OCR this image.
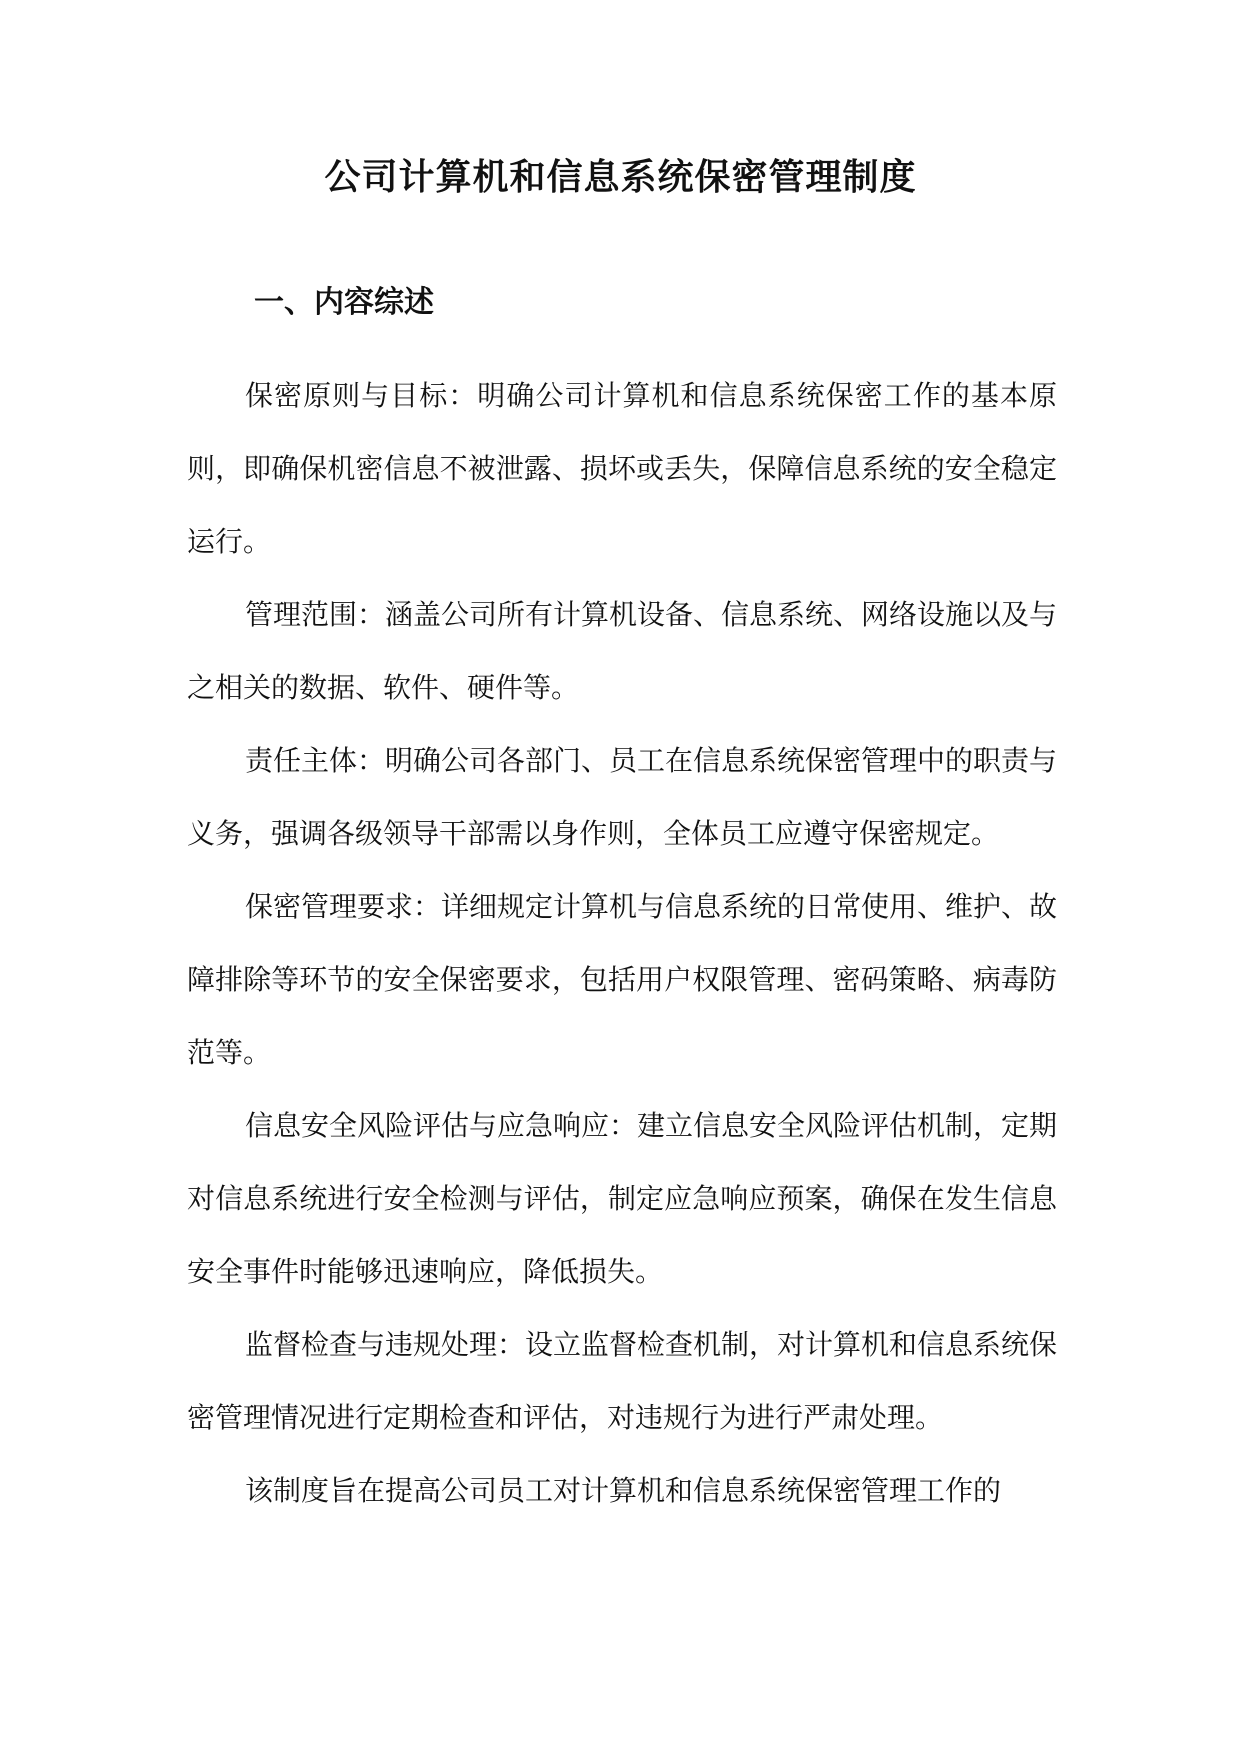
公司计算机和信息系统保密管理制度
一、内容综述

保密原则与目标：明确公司计算机和信息系统保密工作的基本原则，即确保机密信息不被泄露、损坏或丢失，保障信息系统的安全稳定运行。

管理范围：涵盖公司所有计算机设备、信息系统、网络设施以及与之相关的数据、软件、硬件等。

责任主体：明确公司各部门、员工在信息系统保密管理中的职责与义务，强调各级领导干部需以身作则，全体员工应遵守保密规定。

保密管理要求：详细规定计算机与信息系统的日常使用、维护、故障排除等环节的安全保密要求，包括用户权限管理、密码策略、病毒防范等。

信息安全风险评估与应急响应：建立信息安全风险评估机制，定期对信息系统进行安全检测与评估，制定应急响应预案，确保在发生信息安全事件时能够迅速响应，降低损失。

监督检查与违规处理：设立监督检查机制，对计算机和信息系统保密管理情况进行定期检查和评估，对违规行为进行严肃处理。

该制度旨在提高公司员工对计算机和信息系统保密管理工作的
